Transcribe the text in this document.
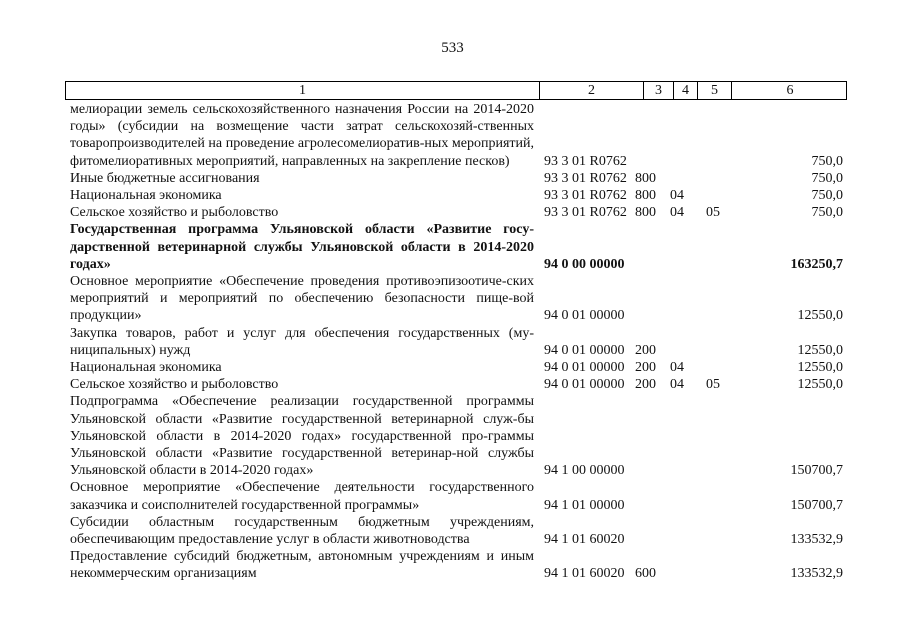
533
1	2	3	4	5	6
мелиорации земель сельскохозяйственного назначения России на 2014-2020 годы» (субсидии на возмещение части затрат сельскохозяй-ственных товаропроизводителей на проведение агролесомелиоратив-ных мероприятий, фитомелиоративных мероприятий, направленных на закрепление песков)	93 3 01 R0762	750,0
Иные бюджетные ассигнования	93 3 01 R0762 800	750,0
Национальная экономика	93 3 01 R0762 800 04	750,0
Сельское хозяйство и рыболовство	93 3 01 R0762 800 04 05	750,0
Государственная программа Ульяновской области «Развитие госу-дарственной ветеринарной службы Ульяновской области в 2014-2020 годах»	94 0 00 00000	163250,7
Основное мероприятие «Обеспечение проведения противоэпизоотиче-ских мероприятий и мероприятий по обеспечению безопасности пище-вой продукции»	94 0 01 00000	12550,0
Закупка товаров, работ и услуг для обеспечения государственных (му-ниципальных) нужд	94 0 01 00000 200	12550,0
Национальная экономика	94 0 01 00000 200 04	12550,0
Сельское хозяйство и рыболовство	94 0 01 00000 200 04 05	12550,0
Подпрограмма «Обеспечение реализации государственной программы Ульяновской области «Развитие государственной ветеринарной служ-бы Ульяновской области в 2014-2020 годах» государственной про-граммы Ульяновской области «Развитие государственной ветеринар-ной службы Ульяновской области в 2014-2020 годах»	94 1 00 00000	150700,7
Основное мероприятие «Обеспечение деятельности государственного заказчика и соисполнителей государственной программы»	94 1 01 00000	150700,7
Субсидии областным государственным бюджетным учреждениям, обеспечивающим предоставление услуг в области животноводства	94 1 01 60020	133532,9
Предоставление субсидий бюджетным, автономным учреждениям и иным некоммерческим организациям	94 1 01 60020 600	133532,9
